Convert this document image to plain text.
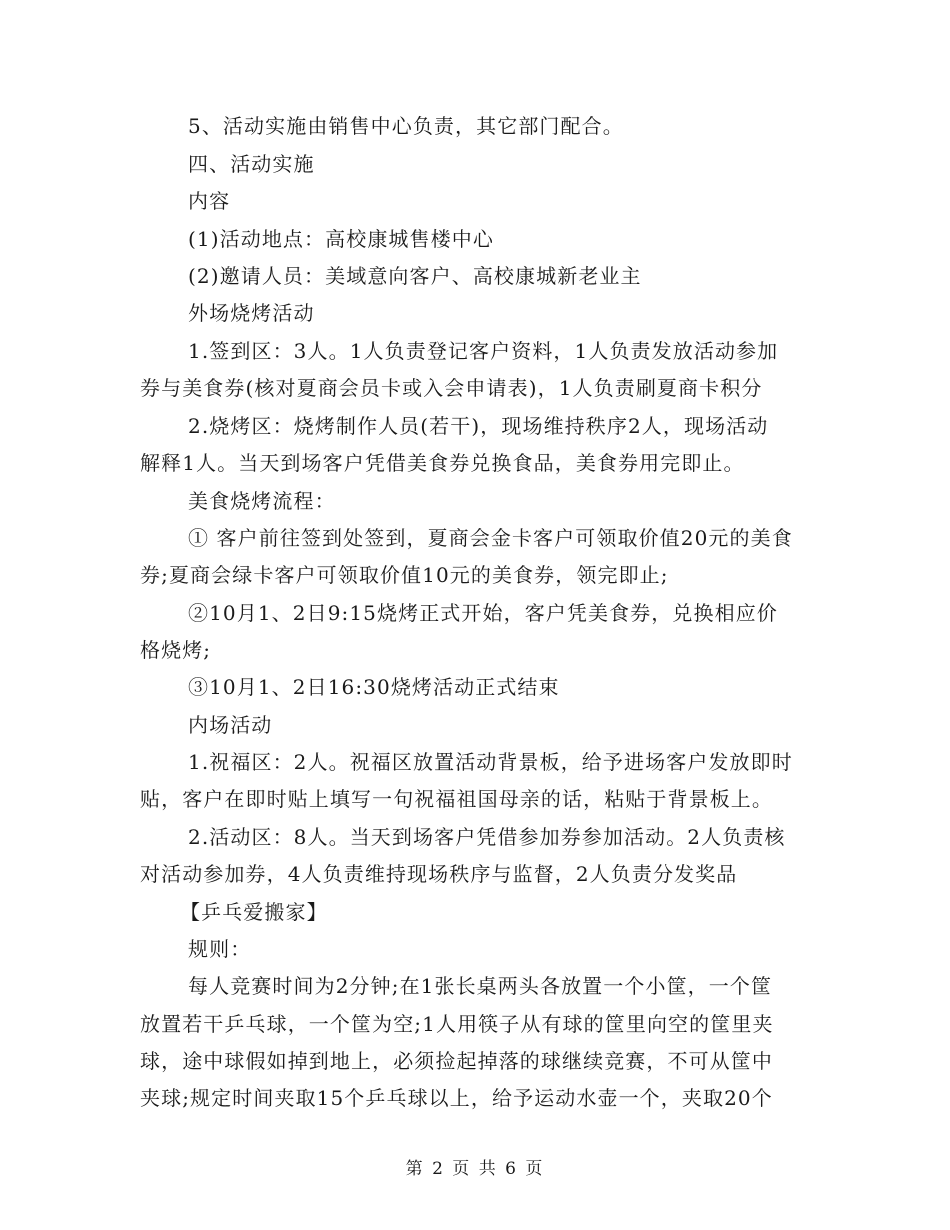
5、活动实施由销售中心负责，其它部门配合。
四、活动实施
内容
(1)活动地点：高校康城售楼中心
(2)邀请人员：美域意向客户、高校康城新老业主
外场烧烤活动
1.签到区：3人。1人负责登记客户资料，1人负责发放活动参加
券与美食券(核对夏商会员卡或入会申请表)，1人负责刷夏商卡积分
2.烧烤区：烧烤制作人员(若干)，现场维持秩序2人，现场活动
解释1人。当天到场客户凭借美食券兑换食品，美食券用完即止。
美食烧烤流程：
① 客户前往签到处签到，夏商会金卡客户可领取价值20元的美食
券;夏商会绿卡客户可领取价值10元的美食券，领完即止;
②10月1、2日9:15烧烤正式开始，客户凭美食券，兑换相应价
格烧烤;
③10月1、2日16:30烧烤活动正式结束
内场活动
1.祝福区：2人。祝福区放置活动背景板，给予进场客户发放即时
贴，客户在即时贴上填写一句祝福祖国母亲的话，粘贴于背景板上。
2.活动区：8人。当天到场客户凭借参加券参加活动。2人负责核
对活动参加券，4人负责维持现场秩序与监督，2人负责分发奖品
【乒乓爱搬家】
规则：
每人竞赛时间为2分钟;在1张长桌两头各放置一个小筐，一个筐
放置若干乒乓球，一个筐为空;1人用筷子从有球的筐里向空的筐里夹
球，途中球假如掉到地上，必须捡起掉落的球继续竞赛，不可从筐中
夹球;规定时间夹取15个乒乓球以上，给予运动水壶一个，夹取20个
第 2 页 共 6 页
